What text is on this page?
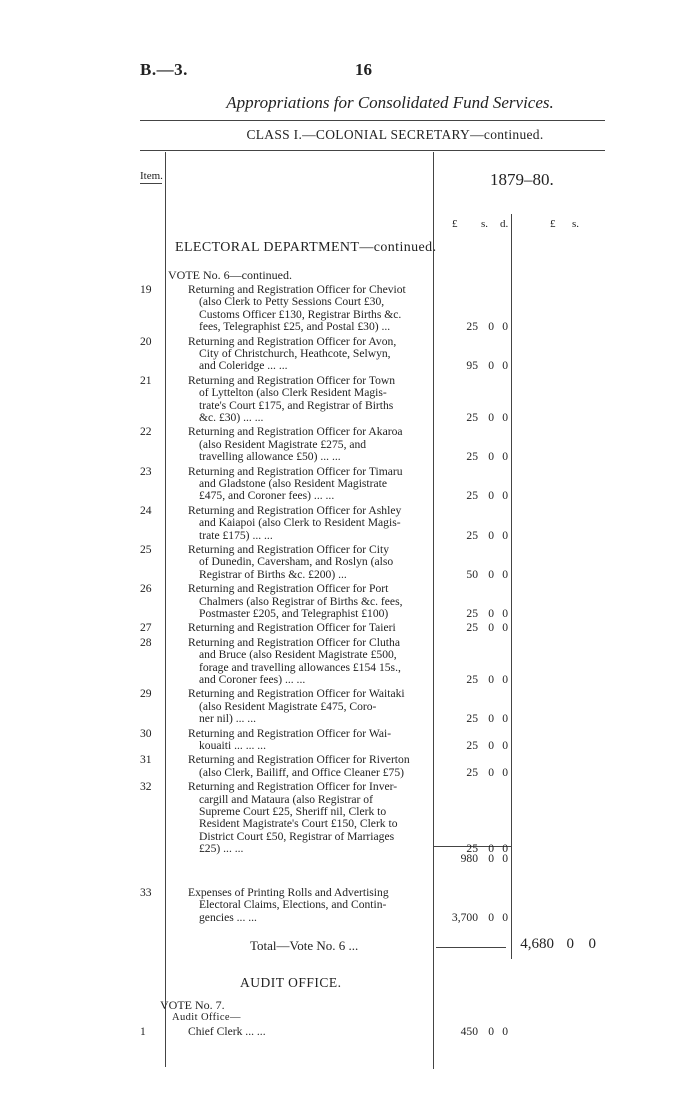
B.—3.	16
Appropriations for Consolidated Fund Services.
CLASS I.—COLONIAL SECRETARY—continued.
Item.	1879–80.
£ s. d.	£ s.
ELECTORAL DEPARTMENT—continued.
VOTE No. 6—continued.
19	Returning and Registration Officer for Cheviot
(also Clerk to Petty Sessions Court £30,
Customs Officer £130, Registrar Births &c.
fees, Telegraphist £25, and Postal £30) ...	25 0 0
20	Returning and Registration Officer for Avon,
City of Christchurch, Heathcote, Selwyn,
and Coleridge ... ...	95 0 0
21	Returning and Registration Officer for Town
of Lyttelton (also Clerk Resident Magis-
trate's Court £175, and Registrar of Births
&c. £30) ... ...	25 0 0
22	Returning and Registration Officer for Akaroa
(also Resident Magistrate £275, and
travelling allowance £50) ... ...	25 0 0
23	Returning and Registration Officer for Timaru
and Gladstone (also Resident Magistrate
£475, and Coroner fees) ... ...	25 0 0
24	Returning and Registration Officer for Ashley
and Kaiapoi (also Clerk to Resident Magis-
trate £175) ... ...	25 0 0
25	Returning and Registration Officer for City
of Dunedin, Caversham, and Roslyn (also
Registrar of Births &c. £200) ...	50 0 0
26	Returning and Registration Officer for Port
Chalmers (also Registrar of Births &c. fees,
Postmaster £205, and Telegraphist £100)	25 0 0
27	Returning and Registration Officer for Taieri	25 0 0
28	Returning and Registration Officer for Clutha
and Bruce (also Resident Magistrate £500,
forage and travelling allowances £154 15s.,
and Coroner fees) ... ...	25 0 0
29	Returning and Registration Officer for Waitaki
(also Resident Magistrate £475, Coro-
ner nil) ... ...	25 0 0
30	Returning and Registration Officer for Wai-
kouaiti ... ... ...	25 0 0
31	Returning and Registration Officer for Riverton
(also Clerk, Bailiff, and Office Cleaner £75)	25 0 0
32	Returning and Registration Officer for Inver-
cargill and Mataura (also Registrar of
Supreme Court £25, Sheriff nil, Clerk to
Resident Magistrate's Court £150, Clerk to
District Court £50, Registrar of Marriages
£25) ... ...	25 0 0
980 0 0
33	Expenses of Printing Rolls and Advertising
Electoral Claims, Elections, and Contin-
gencies ... ...	3,700 0 0
Total—Vote No. 6 ...	4,680 0 0
AUDIT OFFICE.
VOTE No. 7.
Audit Office—
1	Chief Clerk ... ...	450 0 0
